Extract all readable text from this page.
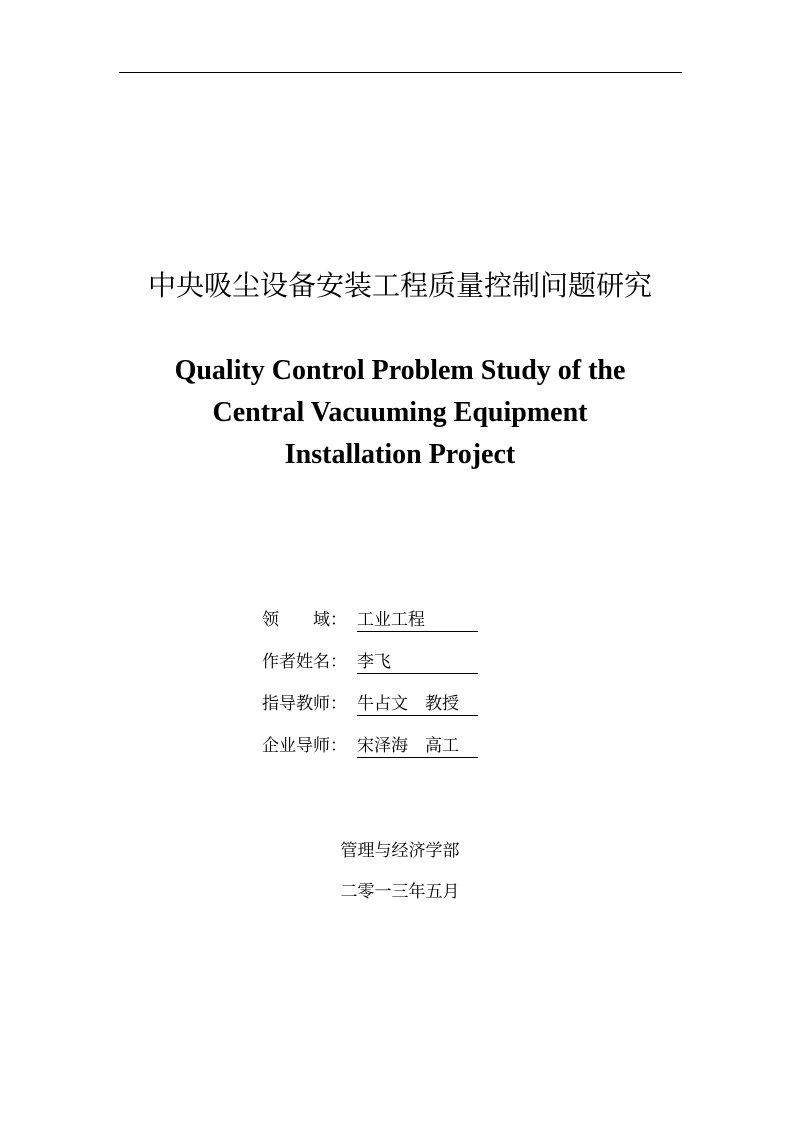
中央吸尘设备安装工程质量控制问题研究
Quality Control Problem Study of the
Central Vacuuming Equipment
Installation Project
领　　域： 工业工程
作者姓名： 李飞
指导教师： 牛占文　教授
企业导师： 宋泽海　高工
管理与经济学部
二零一三年五月
